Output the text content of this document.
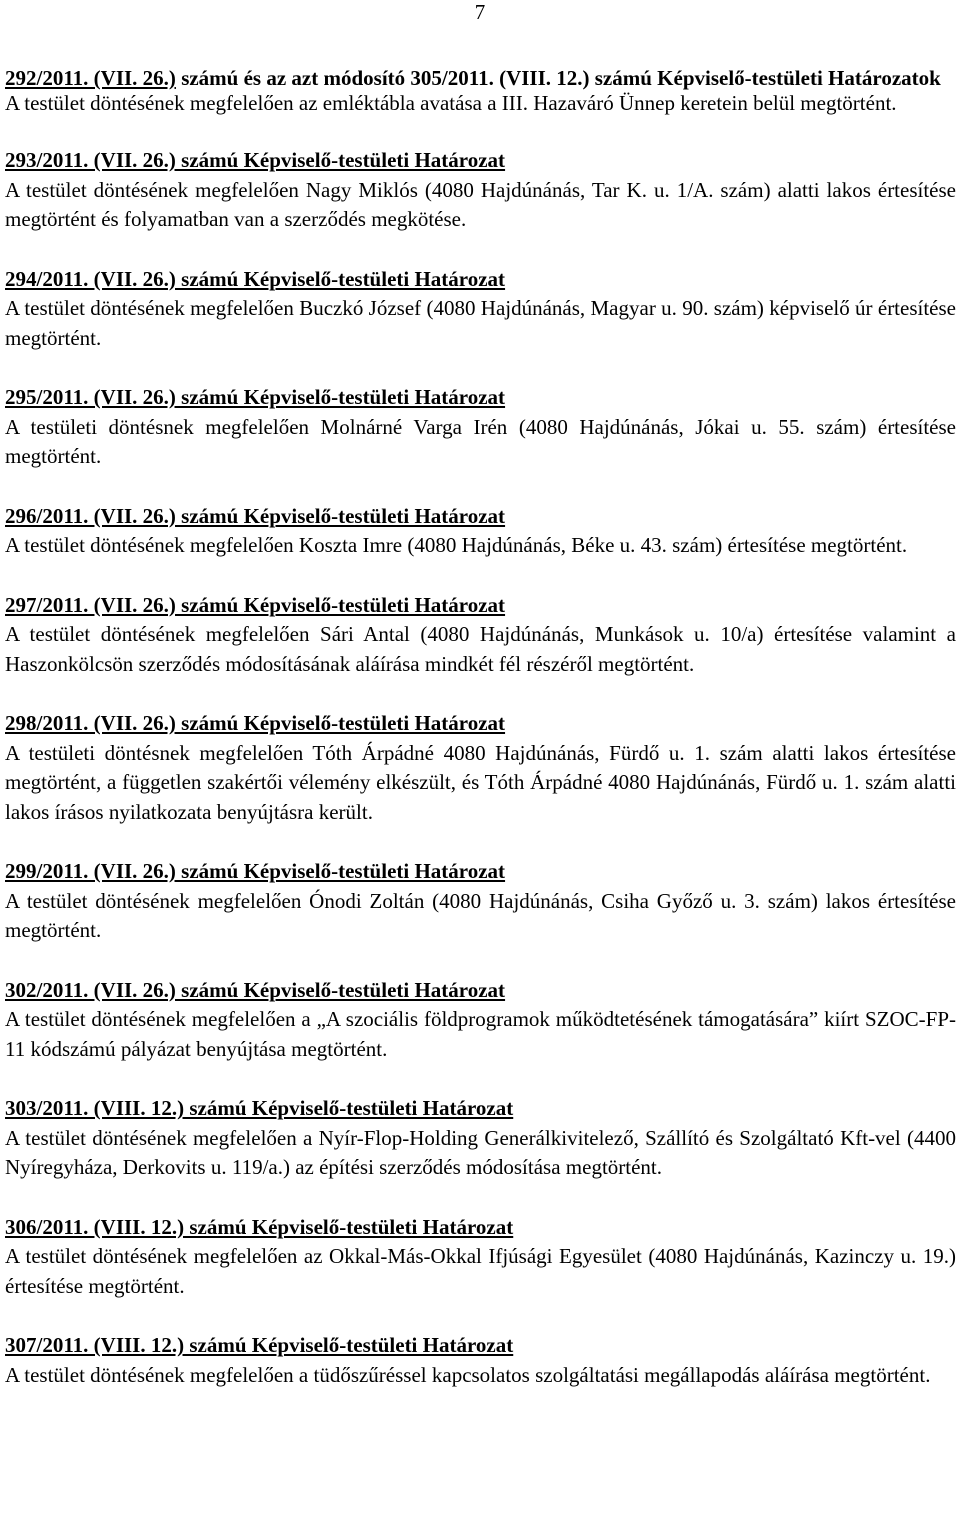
7
292/2011. (VII. 26.) számú és az azt módosító 305/2011. (VIII. 12.) számú Képviselő-testületi Határozatok
A testület döntésének megfelelően az emléktábla avatása a III. Hazaváró Ünnep keretein belül megtörtént.
293/2011. (VII. 26.) számú Képviselő-testületi Határozat
A testület döntésének megfelelően Nagy Miklós (4080 Hajdúnánás, Tar K. u. 1/A. szám) alatti lakos értesítése megtörtént és folyamatban van a szerződés megkötése.
294/2011. (VII. 26.) számú Képviselő-testületi Határozat
A testület döntésének megfelelően Buczkó József (4080 Hajdúnánás, Magyar u. 90. szám) képviselő úr értesítése megtörtént.
295/2011. (VII. 26.) számú Képviselő-testületi Határozat
A testületi döntésnek megfelelően Molnárné Varga Irén (4080 Hajdúnánás, Jókai u. 55. szám) értesítése megtörtént.
296/2011. (VII. 26.) számú Képviselő-testületi Határozat
A testület döntésének megfelelően Koszta Imre (4080 Hajdúnánás, Béke u. 43. szám) értesítése megtörtént.
297/2011. (VII. 26.) számú Képviselő-testületi Határozat
A testület döntésének megfelelően Sári Antal (4080 Hajdúnánás, Munkások u. 10/a) értesítése valamint a Haszonkölcsön szerződés módosításának aláírása mindkét fél részéről megtörtént.
298/2011. (VII. 26.) számú Képviselő-testületi Határozat
A testületi döntésnek megfelelően Tóth Árpádné 4080 Hajdúnánás, Fürdő u. 1. szám alatti lakos értesítése megtörtént, a független szakértői vélemény elkészült, és Tóth Árpádné 4080 Hajdúnánás, Fürdő u. 1. szám alatti lakos írásos nyilatkozata benyújtásra került.
299/2011. (VII. 26.) számú Képviselő-testületi Határozat
A testület döntésének megfelelően Ónodi Zoltán (4080 Hajdúnánás, Csiha Győző u. 3. szám) lakos értesítése megtörtént.
302/2011. (VII. 26.) számú Képviselő-testületi Határozat
A testület döntésének megfelelően a „A szociális földprogramok működtetésének támogatására” kiírt SZOC-FP-11 kódszámú pályázat benyújtása megtörtént.
303/2011. (VIII. 12.) számú Képviselő-testületi Határozat
A testület döntésének megfelelően a Nyír-Flop-Holding Generálkivitelező, Szállító és Szolgáltató Kft-vel (4400 Nyíregyháza, Derkovits u. 119/a.) az építési szerződés módosítása megtörtént.
306/2011. (VIII. 12.) számú Képviselő-testületi Határozat
A testület döntésének megfelelően az Okkal-Más-Okkal Ifjúsági Egyesület (4080 Hajdúnánás, Kazinczy u. 19.) értesítése megtörtént.
307/2011. (VIII. 12.) számú Képviselő-testületi Határozat
A testület döntésének megfelelően a tüdőszűréssel kapcsolatos szolgáltatási megállapodás aláírása megtörtént.
